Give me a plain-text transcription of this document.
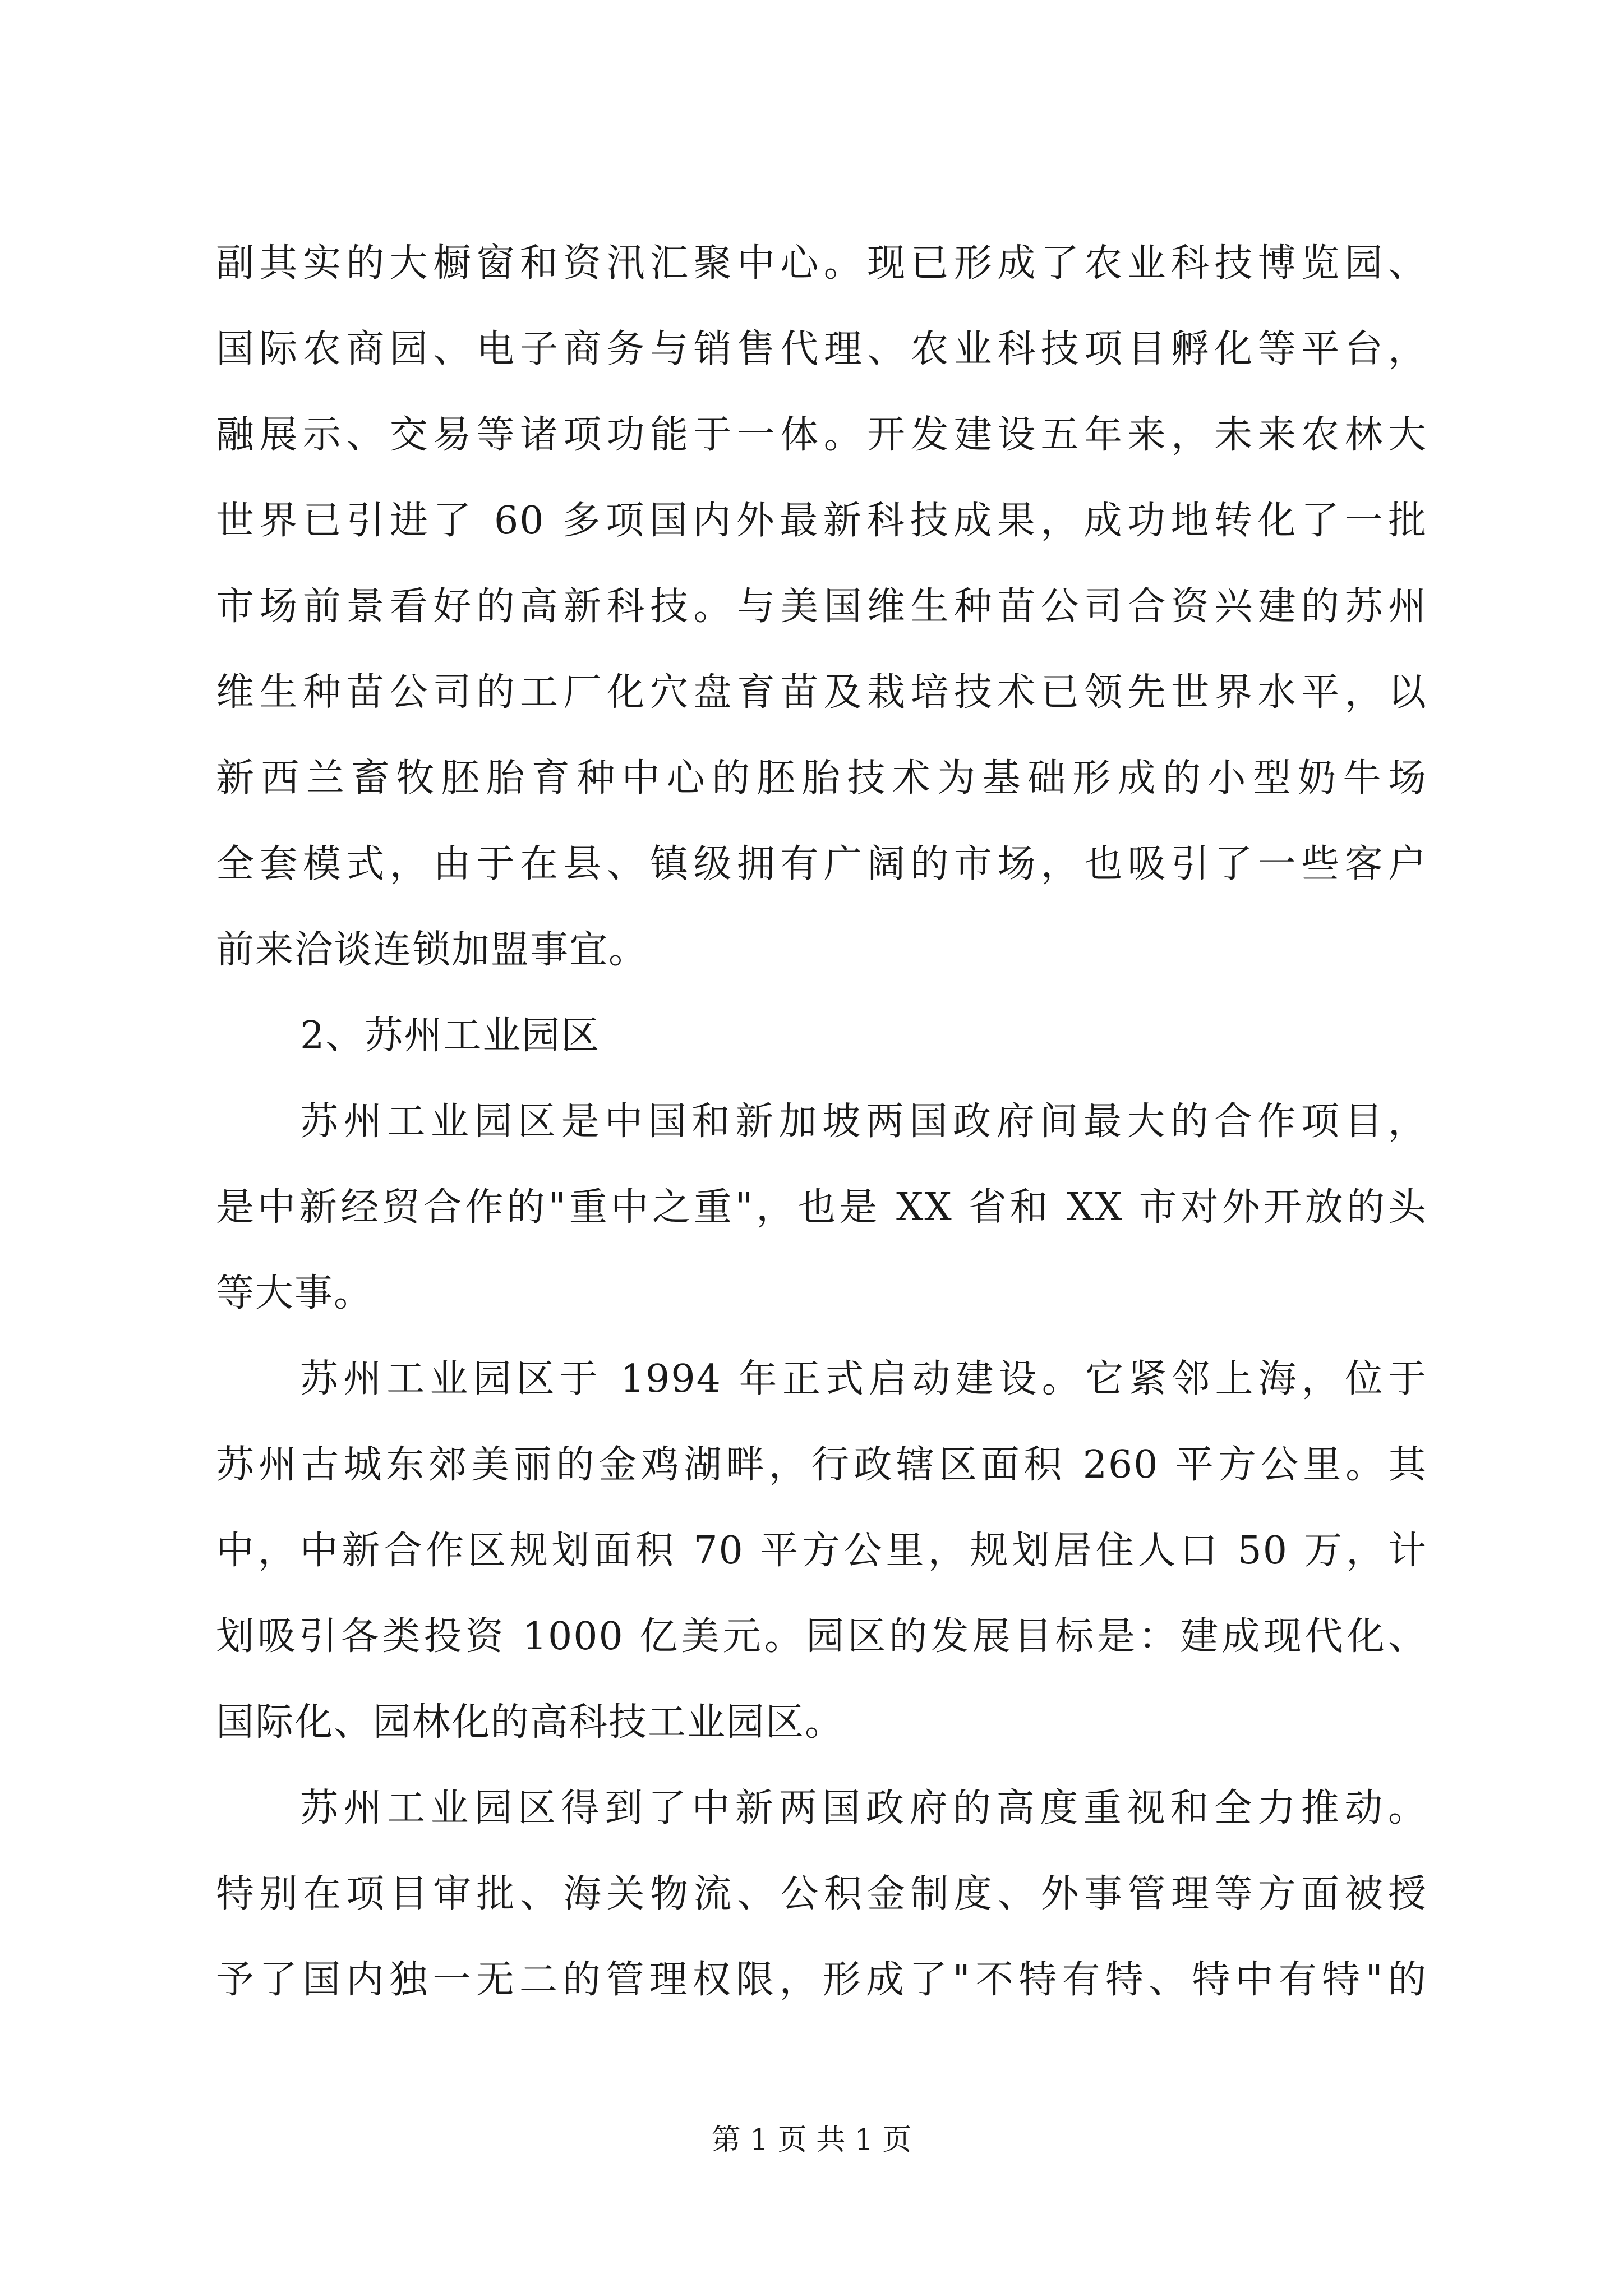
副其实的大橱窗和资汛汇聚中心。现已形成了农业科技博览园、
国际农商园、电子商务与销售代理、农业科技项目孵化等平台，
融展示、交易等诸项功能于一体。开发建设五年来，未来农林大
世界已引进了 60 多项国内外最新科技成果，成功地转化了一批
市场前景看好的高新科技。与美国维生种苗公司合资兴建的苏州
维生种苗公司的工厂化穴盘育苗及栽培技术已领先世界水平，以
新西兰畜牧胚胎育种中心的胚胎技术为基础形成的小型奶牛场
全套模式，由于在县、镇级拥有广阔的市场，也吸引了一些客户
前来洽谈连锁加盟事宜。
2、苏州工业园区
苏州工业园区是中国和新加坡两国政府间最大的合作项目，
是中新经贸合作的"重中之重"，也是 XX 省和 XX 市对外开放的头
等大事。
苏州工业园区于 1994 年正式启动建设。它紧邻上海，位于
苏州古城东郊美丽的金鸡湖畔，行政辖区面积 260 平方公里。其
中，中新合作区规划面积 70 平方公里，规划居住人口 50 万，计
划吸引各类投资 1000 亿美元。园区的发展目标是：建成现代化、
国际化、园林化的高科技工业园区。
苏州工业园区得到了中新两国政府的高度重视和全力推动。
特别在项目审批、海关物流、公积金制度、外事管理等方面被授
予了国内独一无二的管理权限，形成了"不特有特、特中有特"的
第 1 页 共 1 页
